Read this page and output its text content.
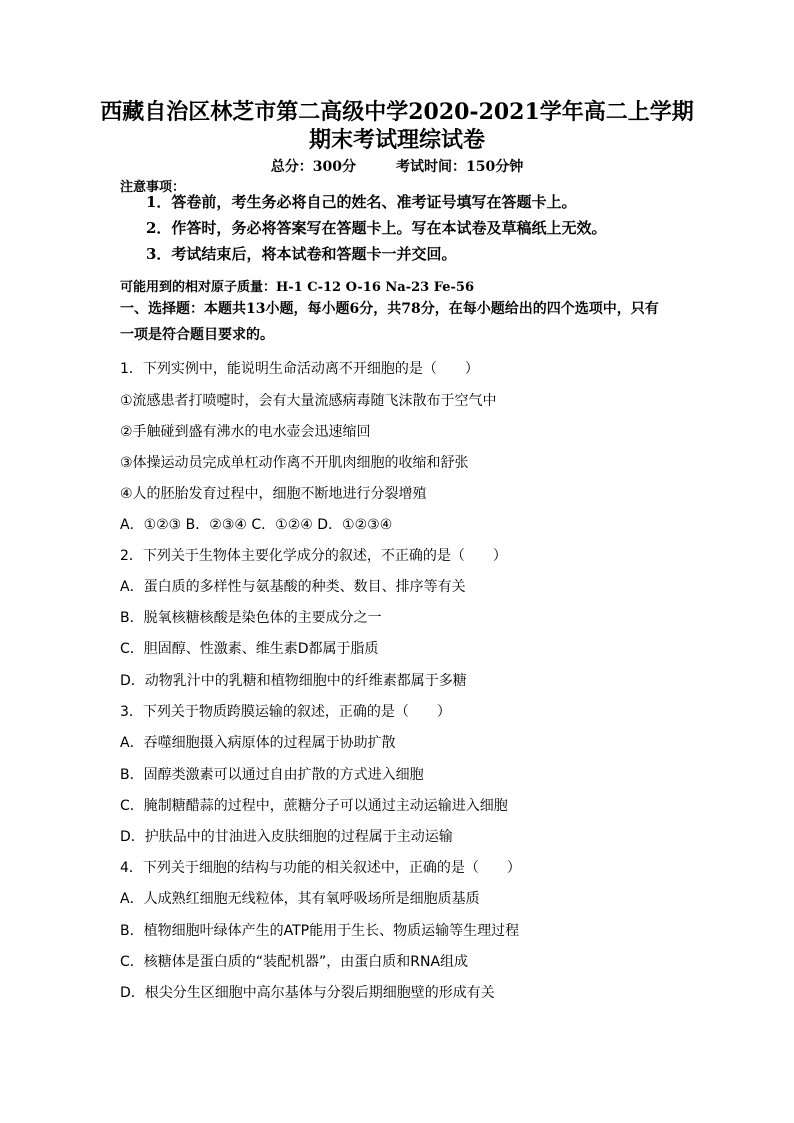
西藏自治区林芝市第二高级中学2020-2021学年高二上学期
期末考试理综试卷
总分：300分	考试时间：150分钟
注意事项：
1．答卷前，考生务必将自己的姓名、准考证号填写在答题卡上。
2．作答时，务必将答案写在答题卡上。写在本试卷及草稿纸上无效。
3．考试结束后，将本试卷和答题卡一并交回。
可能用到的相对原子质量：H-1 C-12 O-16 Na-23 Fe-56
一、选择题：本题共13小题，每小题6分，共78分，在每小题给出的四个选项中，只有
一项是符合题目要求的。
1．下列实例中，能说明生命活动离不开细胞的是（　　）
①流感患者打喷嚏时，会有大量流感病毒随飞沫散布于空气中
②手触碰到盛有沸水的电水壶会迅速缩回
③体操运动员完成单杠动作离不开肌肉细胞的收缩和舒张
④人的胚胎发育过程中，细胞不断地进行分裂增殖
A．①②③ B．②③④ C．①②④ D．①②③④
2．下列关于生物体主要化学成分的叙述，不正确的是（　　）
A．蛋白质的多样性与氨基酸的种类、数目、排序等有关
B．脱氧核糖核酸是染色体的主要成分之一
C．胆固醇、性激素、维生素D都属于脂质
D．动物乳汁中的乳糖和植物细胞中的纤维素都属于多糖
3．下列关于物质跨膜运输的叙述，正确的是（　　）
A．吞噬细胞摄入病原体的过程属于协助扩散
B．固醇类激素可以通过自由扩散的方式进入细胞
C．腌制糖醋蒜的过程中，蔗糖分子可以通过主动运输进入细胞
D．护肤品中的甘油进入皮肤细胞的过程属于主动运输
4．下列关于细胞的结构与功能的相关叙述中，正确的是（　　）
A．人成熟红细胞无线粒体，其有氧呼吸场所是细胞质基质
B．植物细胞叶绿体产生的ATP能用于生长、物质运输等生理过程
C．核糖体是蛋白质的“装配机器”，由蛋白质和RNA组成
D．根尖分生区细胞中高尔基体与分裂后期细胞壁的形成有关
